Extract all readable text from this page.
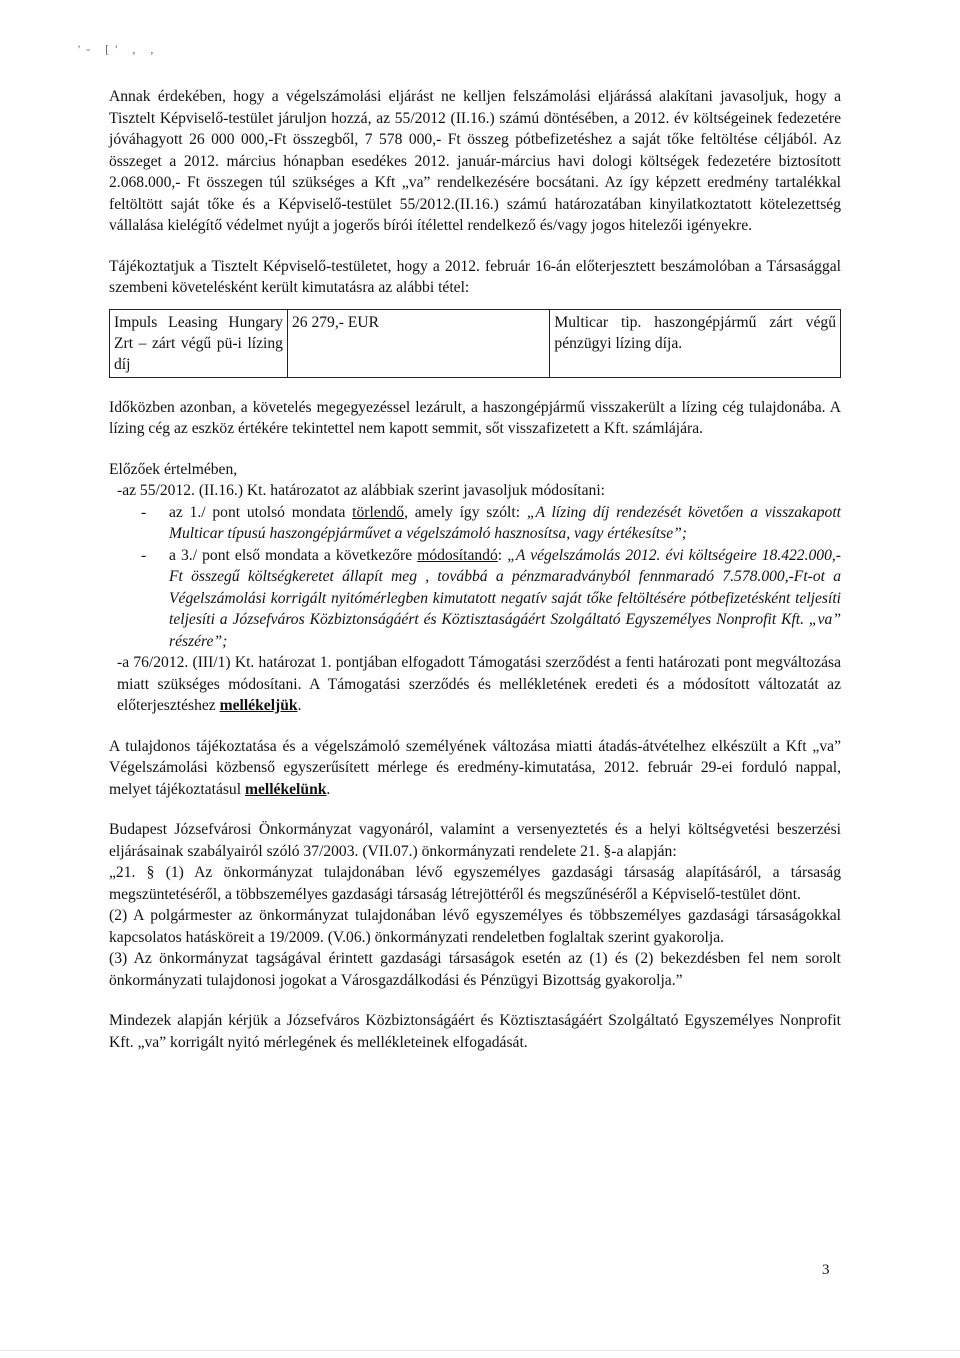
'- [' , ,

Annak érdekében, hogy a végelszámolási eljárást ne kelljen felszámolási eljárássá alakítani javasoljuk, hogy a Tisztelt Képviselő-testület járuljon hozzá, az 55/2012 (II.16.) számú döntésében, a 2012. év költségeinek fedezetére jóváhagyott 26 000 000,-Ft összegből, 7 578 000,- Ft összeg pótbefizetéshez a saját tőke feltöltése céljából. Az összeget a 2012. március hónapban esedékes 2012. január-március havi dologi költségek fedezetére biztosított 2.068.000,- Ft összegen túl szükséges a Kft „va” rendelkezésére bocsátani. Az így képzett eredmény tartalékkal feltöltött saját tőke és a Képviselő-testület 55/2012.(II.16.) számú határozatában kinyilatkoztatott kötelezettség vállalása kielégítő védelmet nyújt a jogerős bírói ítélettel rendelkező és/vagy jogos hitelezői igényekre.

Tájékoztatjuk a Tisztelt Képviselő-testületet, hogy a 2012. február 16-án előterjesztett beszámolóban a Társasággal szembeni követelésként került kimutatásra az alábbi tétel:

Impuls Leasing Hungary Zrt – zárt végű pü-i lízing díj	26 279,- EUR	Multicar tip. haszongépjármű zárt végű pénzügyi lízing díja.

Időközben azonban, a követelés megegyezéssel lezárult, a haszongépjármű visszakerült a lízing cég tulajdonába. A lízing cég az eszköz értékére tekintettel nem kapott semmit, sőt visszafizetett a Kft. számlájára.

Előzőek értelmében,

-az 55/2012. (II.16.) Kt. határozatot az alábbiak szerint javasoljuk módosítani:

- az 1./ pont utolsó mondata törlendő, amely így szólt: „A lízing díj rendezését követően a visszakapott Multicar típusú haszongépjárművet a végelszámoló hasznosítsa, vagy értékesítse”;

- a 3./ pont első mondata a következőre módosítandó: „A végelszámolás 2012. évi költségeire 18.422.000,- Ft összegű költségkeretet állapít meg , továbbá a pénzmaradványból fennmaradó 7.578.000,-Ft-ot a Végelszámolási korrigált nyitómérlegben kimutatott negatív saját tőke feltöltésére pótbefizetésként teljesíti teljesíti a Józsefváros Közbiztonságáért és Köztisztaságáért Szolgáltató Egyszemélyes Nonprofit Kft. „va” részére”;

-a 76/2012. (III/1) Kt. határozat 1. pontjában elfogadott Támogatási szerződést a fenti határozati pont megváltozása miatt szükséges módosítani. A Támogatási szerződés és mellékletének eredeti és a módosított változatát az előterjesztéshez mellékeljük.

A tulajdonos tájékoztatása és a végelszámoló személyének változása miatti átadás-átvételhez elkészült a Kft „va” Végelszámolási közbenső egyszerűsített mérlege és eredmény-kimutatása, 2012. február 29-ei forduló nappal, melyet tájékoztatásul mellékelünk.

Budapest Józsefvárosi Önkormányzat vagyonáról, valamint a versenyeztetés és a helyi költségvetési beszerzési eljárásainak szabályairól szóló 37/2003. (VII.07.) önkormányzati rendelete 21. §-a alapján:

„21. § (1) Az önkormányzat tulajdonában lévő egyszemélyes gazdasági társaság alapításáról, a társaság megszüntetéséről, a többszemélyes gazdasági társaság létrejöttéről és megszűnéséről a Képviselő-testület dönt.

(2) A polgármester az önkormányzat tulajdonában lévő egyszemélyes és többszemélyes gazdasági társaságokkal kapcsolatos hatásköreit a 19/2009. (V.06.) önkormányzati rendeletben foglaltak szerint gyakorolja.

(3) Az önkormányzat tagságával érintett gazdasági társaságok esetén az (1) és (2) bekezdésben fel nem sorolt önkormányzati tulajdonosi jogokat a Városgazdálkodási és Pénzügyi Bizottság gyakorolja.”

Mindezek alapján kérjük a Józsefváros Közbiztonságáért és Köztisztaságáért Szolgáltató Egyszemélyes Nonprofit Kft. „va” korrigált nyitó mérlegének és mellékleteinek elfogadását.

3
